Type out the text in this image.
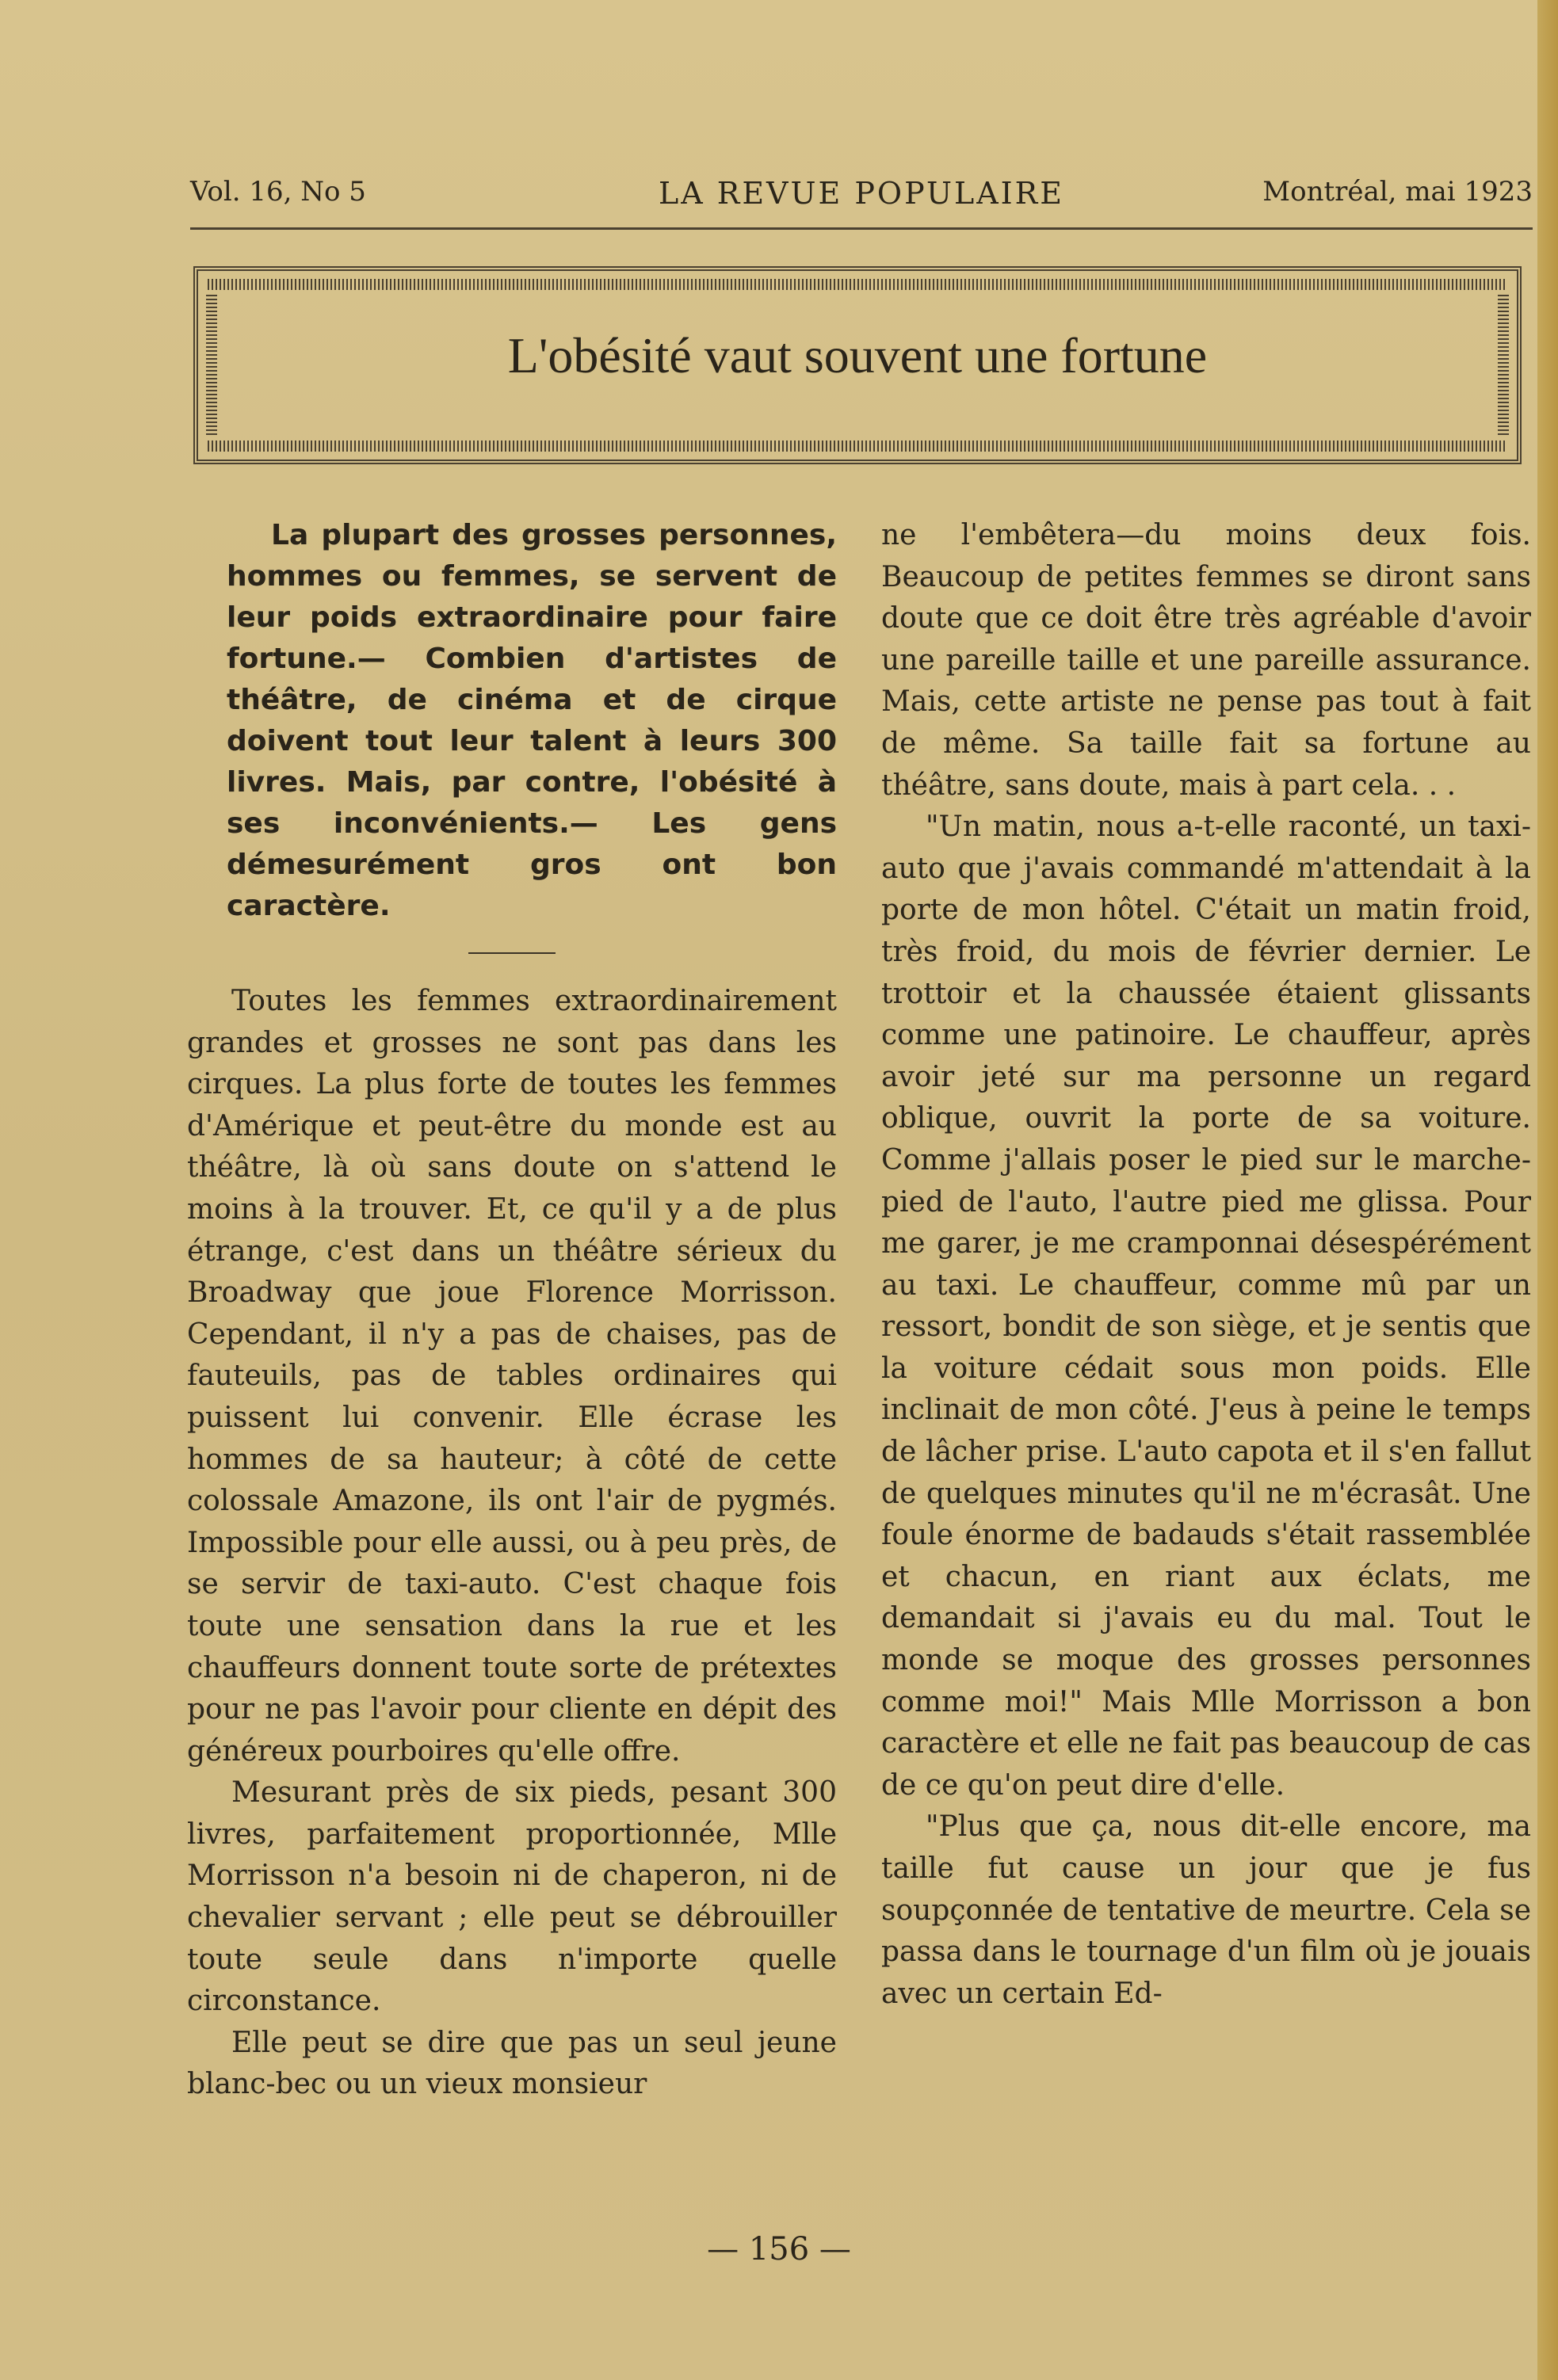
Vol. 16, No 5	LA REVUE POPULAIRE	Montréal, mai 1923
L'obésité vaut souvent une fortune

La plupart des grosses personnes, hommes ou femmes, se servent de leur poids extraordinaire pour faire fortune.— Combien d'artistes de théâtre, de cinéma et de cirque doivent tout leur talent à leurs 300 livres. Mais, par contre, l'obésité à ses inconvénients.— Les gens démesurément gros ont bon caractère.

Toutes les femmes extraordinairement grandes et grosses ne sont pas dans les cirques. La plus forte de toutes les femmes d'Amérique et peut-être du monde est au théâtre, là où sans doute on s'attend le moins à la trouver. Et, ce qu'il y a de plus étrange, c'est dans un théâtre sérieux du Broadway que joue Florence Morrisson. Cependant, il n'y a pas de chaises, pas de fauteuils, pas de tables ordinaires qui puissent lui convenir. Elle écrase les hommes de sa hauteur; à côté de cette colossale Amazone, ils ont l'air de pygmés. Impossible pour elle aussi, ou à peu près, de se servir de taxi-auto. C'est chaque fois toute une sensation dans la rue et les chauffeurs donnent toute sorte de prétextes pour ne pas l'avoir pour cliente en dépit des généreux pourboires qu'elle offre.

Mesurant près de six pieds, pesant 300 livres, parfaitement proportionnée, Mlle Morrisson n'a besoin ni de chaperon, ni de chevalier servant ; elle peut se débrouiller toute seule dans n'importe quelle circonstance.

Elle peut se dire que pas un seul jeune blanc-bec ou un vieux monsieur

ne l'embêtera—du moins deux fois. Beaucoup de petites femmes se diront sans doute que ce doit être très agréable d'avoir une pareille taille et une pareille assurance. Mais, cette artiste ne pense pas tout à fait de même. Sa taille fait sa fortune au théâtre, sans doute, mais à part cela. . .

"Un matin, nous a-t-elle raconté, un taxi-auto que j'avais commandé m'attendait à la porte de mon hôtel. C'était un matin froid, très froid, du mois de février dernier. Le trottoir et la chaussée étaient glissants comme une patinoire. Le chauffeur, après avoir jeté sur ma personne un regard oblique, ouvrit la porte de sa voiture. Comme j'allais poser le pied sur le marche-pied de l'auto, l'autre pied me glissa. Pour me garer, je me cramponnai désespérément au taxi. Le chauffeur, comme mû par un ressort, bondit de son siège, et je sentis que la voiture cédait sous mon poids. Elle inclinait de mon côté. J'eus à peine le temps de lâcher prise. L'auto capota et il s'en fallut de quelques minutes qu'il ne m'écrasât. Une foule énorme de badauds s'était rassemblée et chacun, en riant aux éclats, me demandait si j'avais eu du mal. Tout le monde se moque des grosses personnes comme moi!" Mais Mlle Morrisson a bon caractère et elle ne fait pas beaucoup de cas de ce qu'on peut dire d'elle.

"Plus que ça, nous dit-elle encore, ma taille fut cause un jour que je fus soupçonnée de tentative de meurtre. Cela se passa dans le tournage d'un film où je jouais avec un certain Ed-

— 156 —
